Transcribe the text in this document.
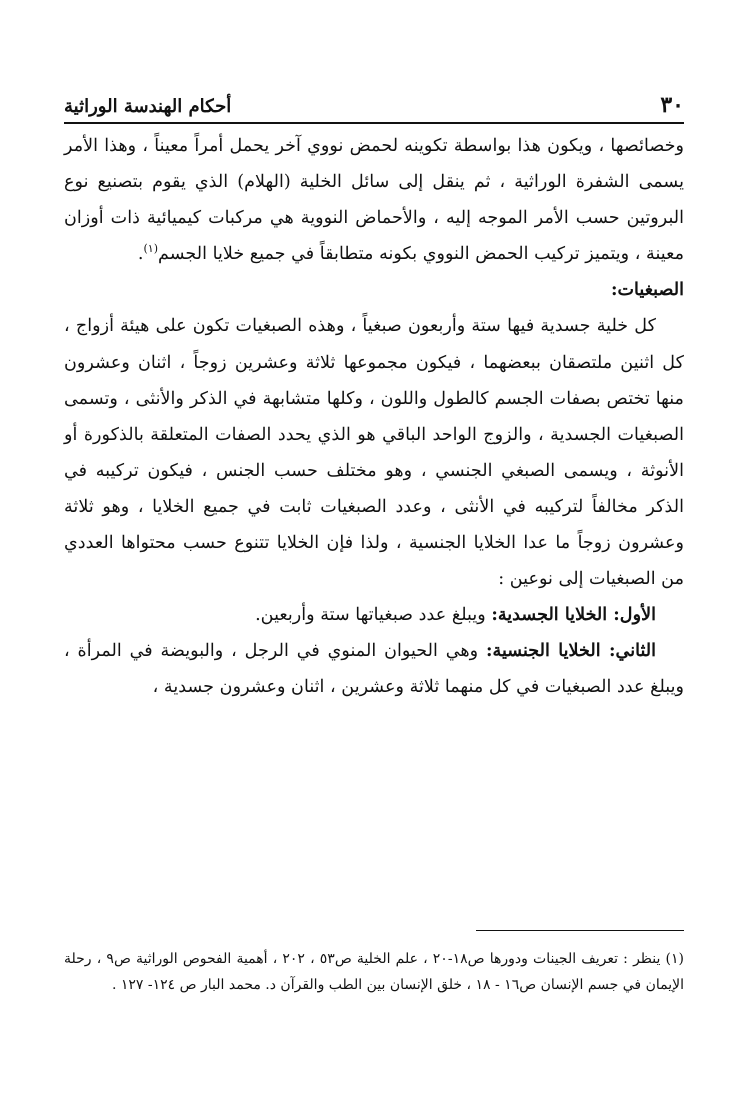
٣٠
أحكام الهندسة الوراثية

وخصائصها ، ويكون هذا بواسطة تكوينه لحمض نووي آخر يحمل أمراً معيناً ، وهذا الأمر يسمى الشفرة الوراثية ، ثم ينقل إلى سائل الخلية (الهلام) الذي يقوم بتصنيع نوع البروتين حسب الأمر الموجه إليه ، والأحماض النووية هي مركبات كيميائية ذات أوزان معينة ، ويتميز تركيب الحمض النووي بكونه متطابقاً في جميع خلايا الجسم$^{(١)}$.

الصبغيات:

كل خلية جسدية فيها ستة وأربعون صبغياً ، وهذه الصبغيات تكون على هيئة أزواج ، كل اثنين ملتصقان ببعضهما ، فيكون مجموعها ثلاثة وعشرين زوجاً ، اثنان وعشرون منها تختص بصفات الجسم كالطول واللون ، وكلها متشابهة في الذكر والأنثى ، وتسمى الصبغيات الجسدية ، والزوج الواحد الباقي هو الذي يحدد الصفات المتعلقة بالذكورة أو الأنوثة ، ويسمى الصبغي الجنسي ، وهو مختلف حسب الجنس ، فيكون تركيبه في الذكر مخالفاً لتركيبه في الأنثى ، وعدد الصبغيات ثابت في جميع الخلايا ، وهو ثلاثة وعشرون زوجاً ما عدا الخلايا الجنسية ، ولذا فإن الخلايا تتنوع حسب محتواها العددي من الصبغيات إلى نوعين :

الأول: الخلايا الجسدية: ويبلغ عدد صبغياتها ستة وأربعين.

الثاني: الخلايا الجنسية: وهي الحيوان المنوي في الرجل ، والبويضة في المرأة ، ويبلغ عدد الصبغيات في كل منهما ثلاثة وعشرين ، اثنان وعشرون جسدية ،

(١) ينظر : تعريف الجينات ودورها ص١٨-٢٠ ، علم الخلية ص٥٣ ، ٢٠٢ ، أهمية الفحوص الوراثية ص٩ ، رحلة الإيمان في جسم الإنسان ص١٦ - ١٨ ، خلق الإنسان بين الطب والقرآن د. محمد البار ص ١٢٤- ١٢٧ .
